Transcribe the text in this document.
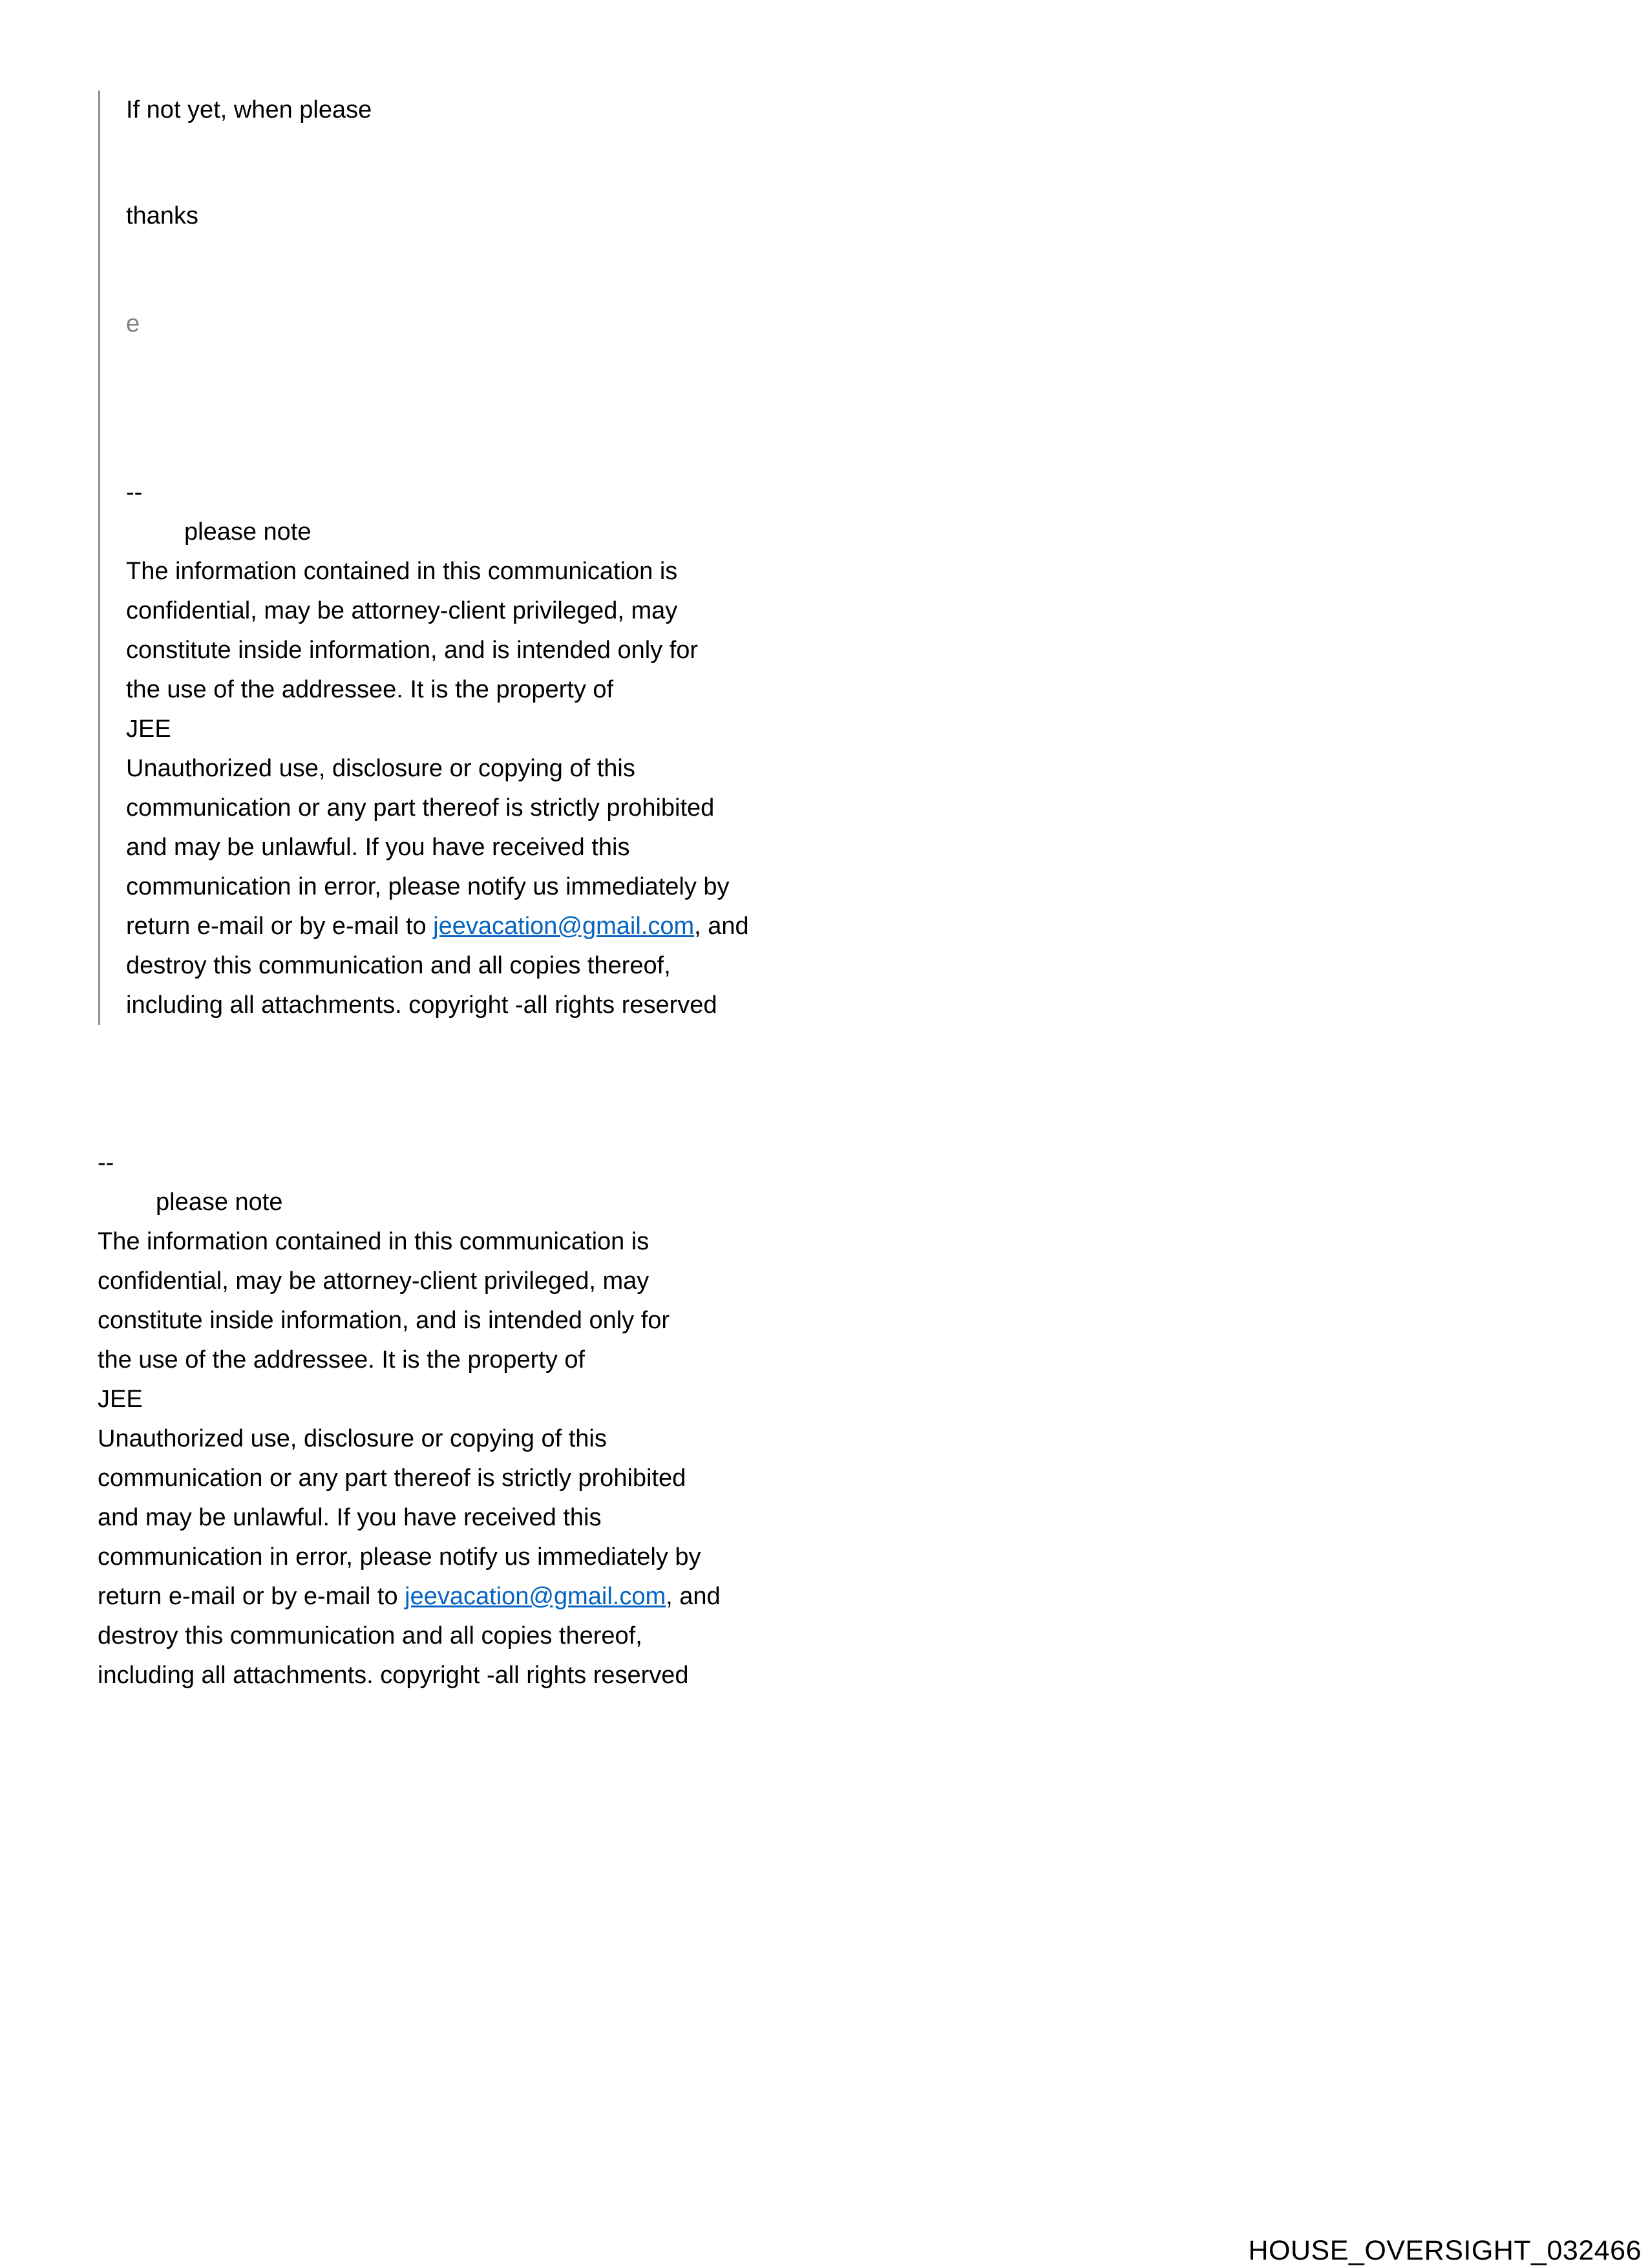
If not yet, when please

thanks

e

--
please note
The information contained in this communication is
confidential, may be attorney-client privileged, may
constitute inside information, and is intended only for
the use of the addressee. It is the property of
JEE
Unauthorized use, disclosure or copying of this
communication or any part thereof is strictly prohibited
and may be unlawful. If you have received this
communication in error, please notify us immediately by
return e-mail or by e-mail to jeevacation@gmail.com, and
destroy this communication and all copies thereof,
including all attachments. copyright -all rights reserved
--
please note
The information contained in this communication is
confidential, may be attorney-client privileged, may
constitute inside information, and is intended only for
the use of the addressee. It is the property of
JEE
Unauthorized use, disclosure or copying of this
communication or any part thereof is strictly prohibited
and may be unlawful. If you have received this
communication in error, please notify us immediately by
return e-mail or by e-mail to jeevacation@gmail.com, and
destroy this communication and all copies thereof,
including all attachments. copyright -all rights reserved
HOUSE_OVERSIGHT_032466
